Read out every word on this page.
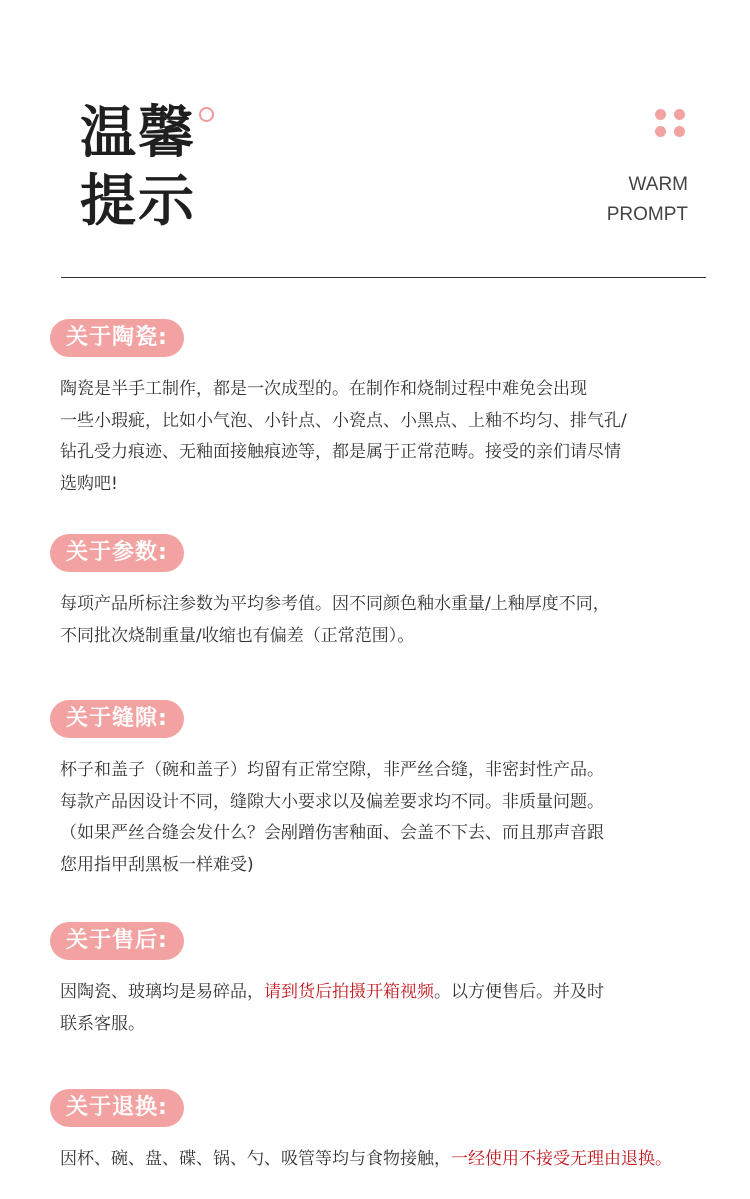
温馨
提示	WARM
PROMPT
关于陶瓷:
陶瓷是半手工制作，都是一次成型的。在制作和烧制过程中难免会出现
一些小瑕疵，比如小气泡、小针点、小瓷点、小黑点、上釉不均匀、排气孔/
钻孔受力痕迹、无釉面接触痕迹等，都是属于正常范畴。接受的亲们请尽情
选购吧!
关于参数:
每项产品所标注参数为平均参考值。因不同颜色釉水重量/上釉厚度不同，
不同批次烧制重量/收缩也有偏差（正常范围）。
关于缝隙:
杯子和盖子（碗和盖子）均留有正常空隙，非严丝合缝，非密封性产品。
每款产品因设计不同，缝隙大小要求以及偏差要求均不同。非质量问题。
（如果严丝合缝会发什么？会剐蹭伤害釉面、会盖不下去、而且那声音跟
您用指甲刮黑板一样难受)
关于售后:
因陶瓷、玻璃均是易碎品，请到货后拍摄开箱视频。以方便售后。并及时
联系客服。
关于退换:
因杯、碗、盘、碟、锅、勺、吸管等均与食物接触，一经使用不接受无理由退换。
